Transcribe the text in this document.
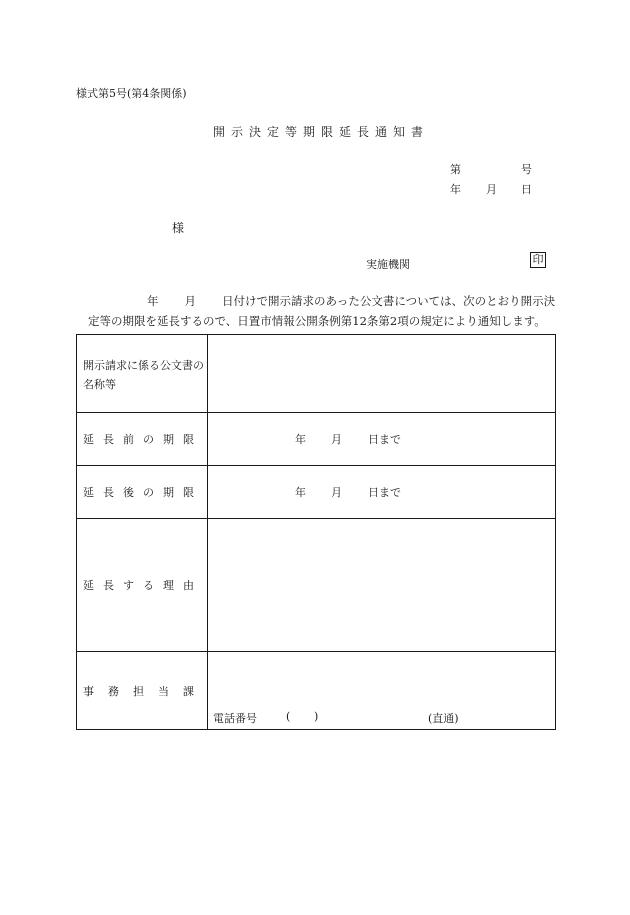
様式第5号(第4条関係)
開示決定等期限延長通知書
第	号
年 月 日
様
実施機関	印
年 月 日付けで開示請求のあった公文書については、次のとおり開示決
定等の期限を延長するので、日置市情報公開条例第12条第2項の規定により通知します。
開示請求に係る公文書の名称等	

延長前の期限	年 月 日まで

延長後の期限	年 月 日まで

延長する理由	
事務担当課	電話番号 ( ) (直通)
